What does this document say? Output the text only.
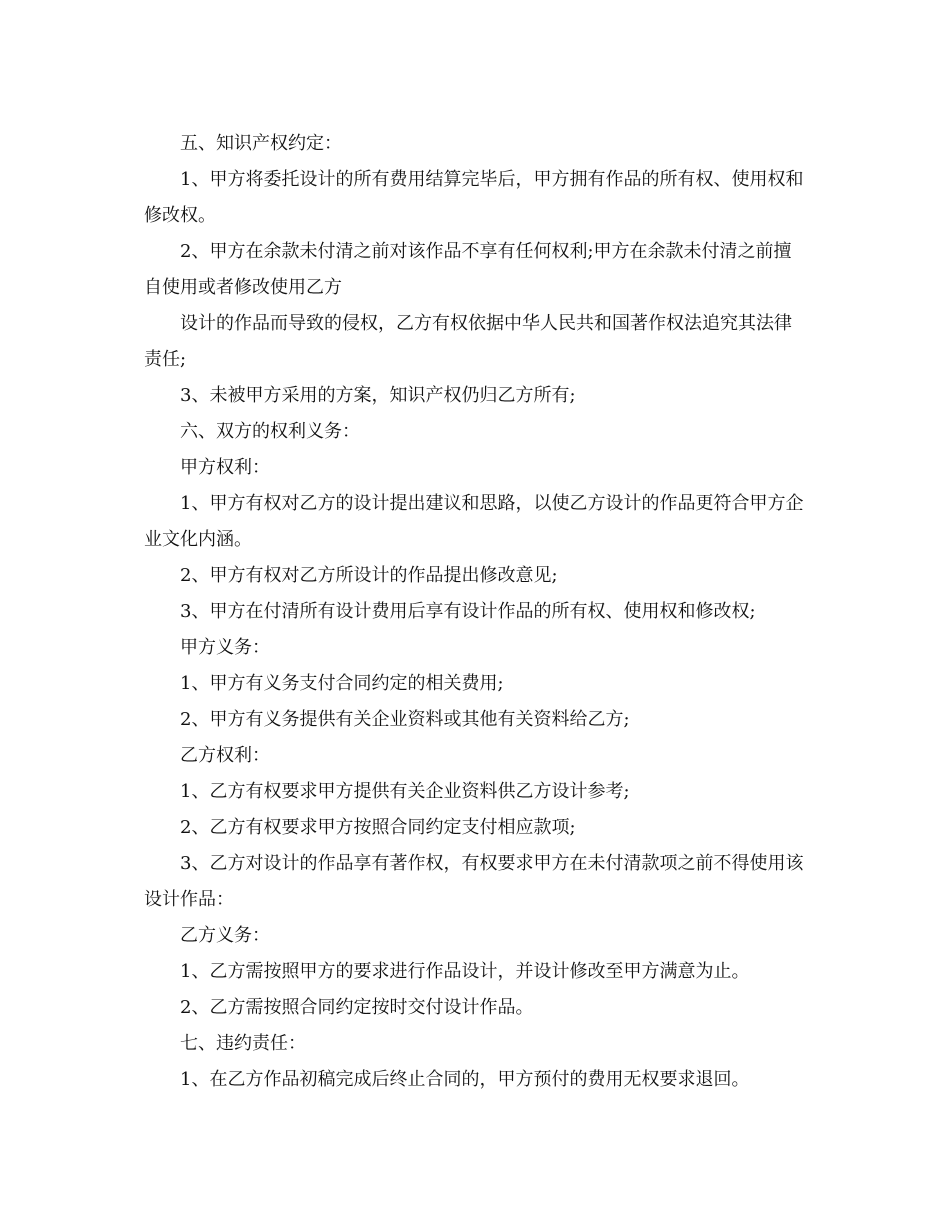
五、知识产权约定：

1、甲方将委托设计的所有费用结算完毕后，甲方拥有作品的所有权、使用权和修改权。

2、甲方在余款未付清之前对该作品不享有任何权利;甲方在余款未付清之前擅自使用或者修改使用乙方

设计的作品而导致的侵权，乙方有权依据中华人民共和国著作权法追究其法律责任;

3、未被甲方采用的方案，知识产权仍归乙方所有;

六、双方的权利义务：

甲方权利：

1、甲方有权对乙方的设计提出建议和思路，以使乙方设计的作品更符合甲方企业文化内涵。

2、甲方有权对乙方所设计的作品提出修改意见;

3、甲方在付清所有设计费用后享有设计作品的所有权、使用权和修改权;

甲方义务：

1、甲方有义务支付合同约定的相关费用;

2、甲方有义务提供有关企业资料或其他有关资料给乙方;

乙方权利：

1、乙方有权要求甲方提供有关企业资料供乙方设计参考;

2、乙方有权要求甲方按照合同约定支付相应款项;

3、乙方对设计的作品享有著作权，有权要求甲方在未付清款项之前不得使用该设计作品：

乙方义务：

1、乙方需按照甲方的要求进行作品设计，并设计修改至甲方满意为止。

2、乙方需按照合同约定按时交付设计作品。

七、违约责任：

1、在乙方作品初稿完成后终止合同的，甲方预付的费用无权要求退回。
